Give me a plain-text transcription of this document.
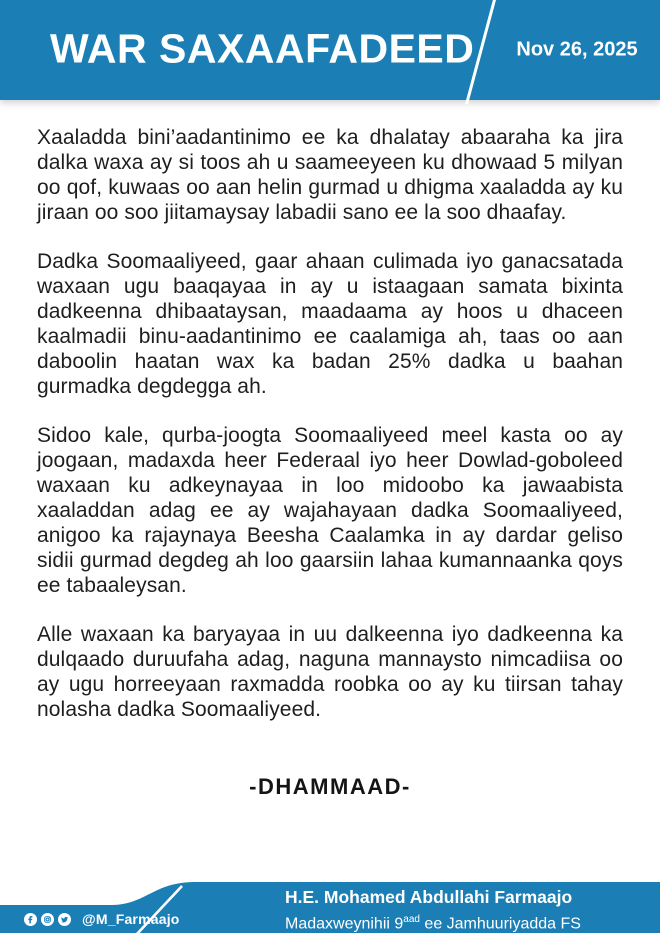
WAR SAXAAFADEED Nov 26, 2025

Xaaladda bini’aadantinimo ee ka dhalatay abaaraha ka jira dalka waxa ay si toos ah u saameeyeen ku dhowaad 5 milyan oo qof, kuwaas oo aan helin gurmad u dhigma xaaladda ay ku jiraan oo soo jiitamaysay labadii sano ee la soo dhaafay.

Dadka Soomaaliyeed, gaar ahaan culimada iyo ganacsatada waxaan ugu baaqayaa in ay u istaagaan samata bixinta dadkeenna dhibaataysan, maadaama ay hoos u dhaceen kaalmadii binu-aadantinimo ee caalamiga ah, taas oo aan daboolin haatan wax ka badan 25% dadka u baahan gurmadka degdegga ah.

Sidoo kale, qurba-joogta Soomaaliyeed meel kasta oo ay joogaan, madaxda heer Federaal iyo heer Dowlad-goboleed waxaan ku adkeynayaa in loo midoobo ka jawaabista xaaladdan adag ee ay wajahayaan dadka Soomaaliyeed, anigoo ka rajaynaya Beesha Caalamka in ay dardar geliso sidii gurmad degdeg ah loo gaarsiin lahaa kumannaanka qoys ee tabaaleysan.

Alle waxaan ka baryayaa in uu dalkeenna iyo dadkeenna ka dulqaado duruufaha adag, naguna mannaysto nimcadiisa oo ay ugu horreeyaan raxmadda roobka oo ay ku tiirsan tahay nolasha dadka Soomaaliyeed.

-DHAMMAAD-
@M_Farmaajo
H.E. Mohamed Abdullahi Farmaajo
Madaxweynihii $9^{aad}$ ee Jamhuuriyadda FS
